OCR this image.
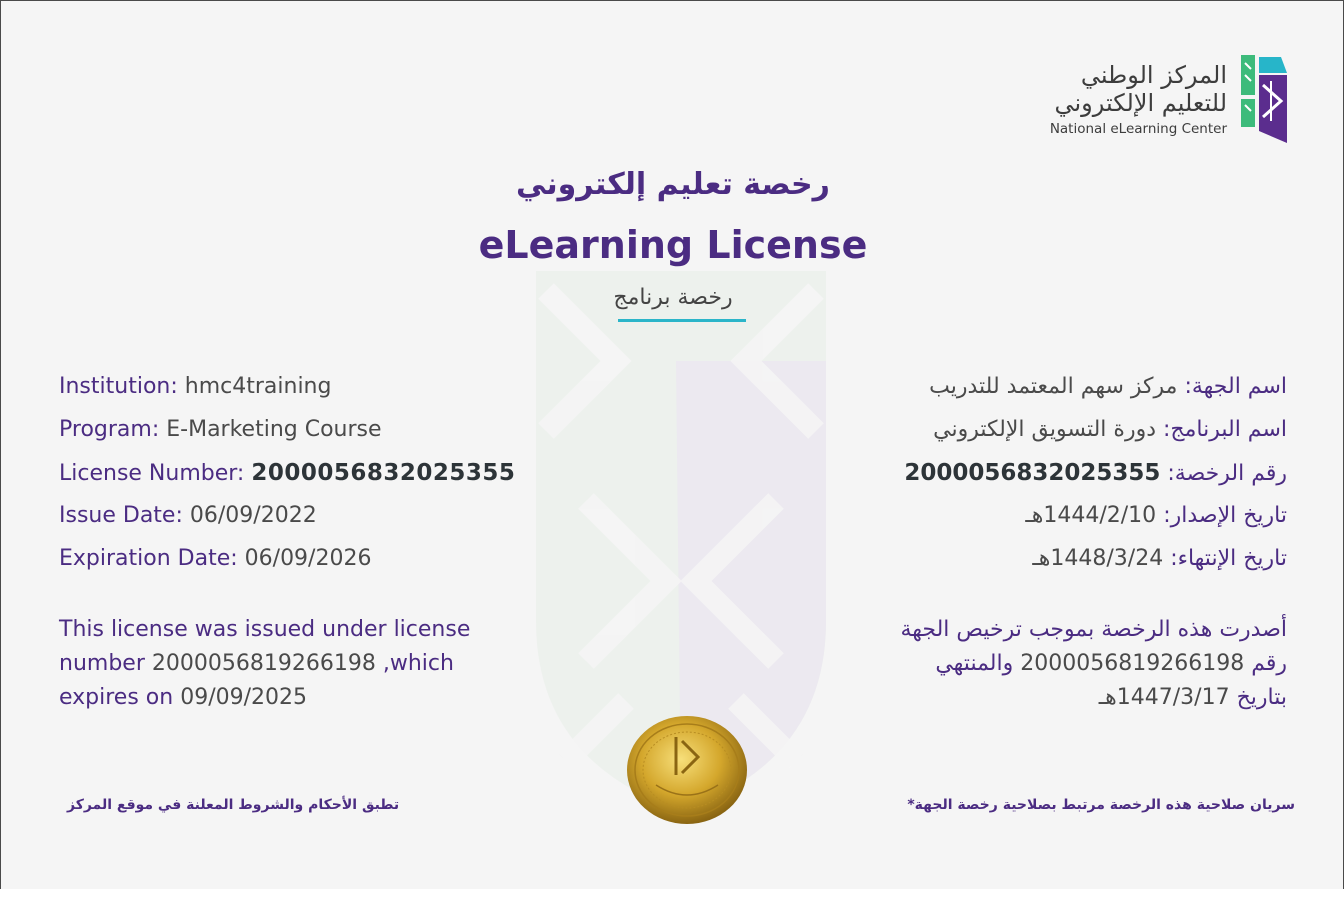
المركز الوطني
للتعليم الإلكتروني
National eLearning Center
رخصة تعليم إلكتروني
eLearning License
رخصة برنامج
Institution: hmc4training
Program: E-Marketing Course
License Number: 2000056832025355
Issue Date: 06/09/2022
Expiration Date: 06/09/2026
اسم الجهة: مركز سهم المعتمد للتدريب
اسم البرنامج: دورة التسويق الإلكتروني
رقم الرخصة: 2000056832025355
تاريخ الإصدار: 1444/2/10هـ
تاريخ الإنتهاء: 1448/3/24هـ
This license was issued under license
number 2000056819266198 ,which
expires on 09/09/2025
أصدرت هذه الرخصة بموجب ترخيص الجهة
رقم 2000056819266198 والمنتهي
بتاريخ 1447/3/17هـ
تطبق الأحكام والشروط المعلنة في موقع المركز	سريان صلاحية هذه الرخصة مرتبط بصلاحية رخصة الجهة*
